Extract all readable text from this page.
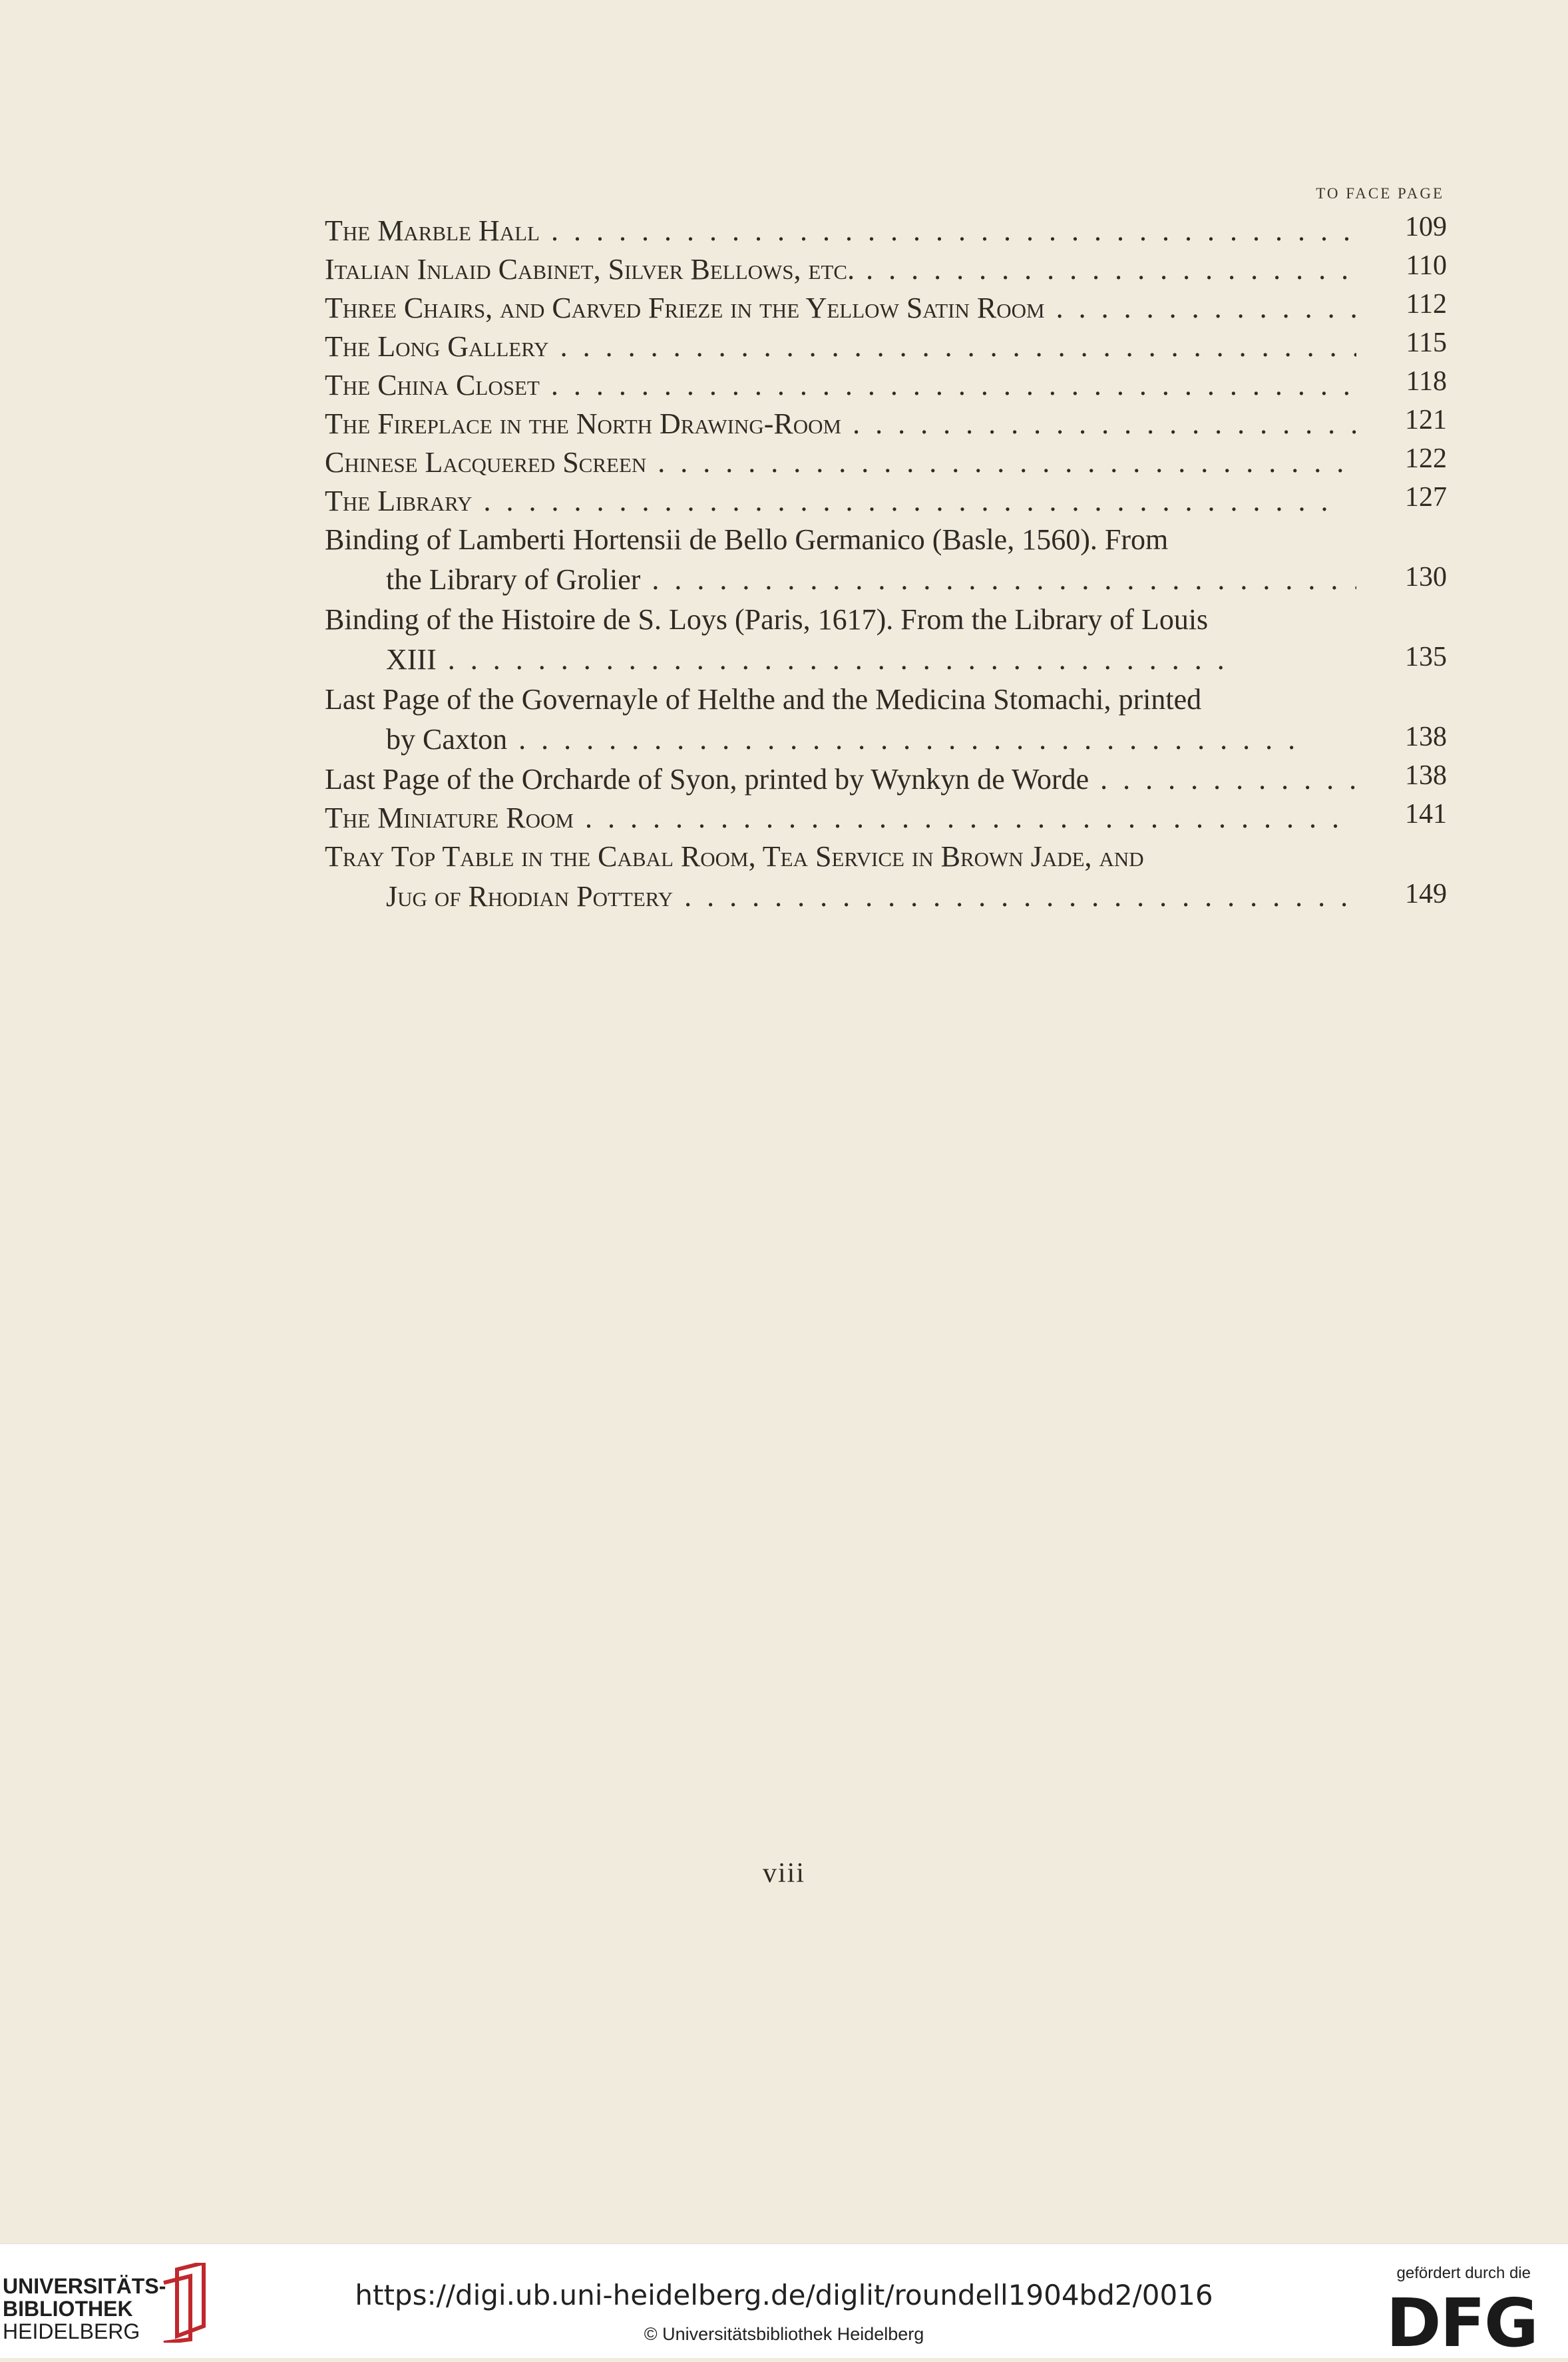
TO FACE PAGE
The Marble Hall . .	109
Italian Inlaid Cabinet, Silver Bellows, etc. . .	110
Three Chairs, and Carved Frieze in the Yellow Satin Room . .	112
The Long Gallery . .	115
The China Closet . .	118
The Fireplace in the North Drawing-Room . .	121
Chinese Lacquered Screen . .	122
The Library . .	127
Binding of Lamberti Hortensii de Bello Germanico (Basle, 1560). From
the Library of Grolier . .	130
Binding of the Histoire de S. Loys (Paris, 1617). From the Library of Louis
XIII . .	135
Last Page of the Governayle of Helthe and the Medicina Stomachi, printed
by Caxton . .	138
Last Page of the Orcharde of Syon, printed by Wynkyn de Worde . .	138
The Miniature Room . .	141
Tray Top Table in the Cabal Room, Tea Service in Brown Jade, and
Jug of Rhodian Pottery . .	149
viii
UNIVERSITÄTS-
BIBLIOTHEK
HEIDELBERG
https://digi.ub.uni-heidelberg.de/diglit/roundell1904bd2/0016
© Universitätsbibliothek Heidelberg
gefördert durch die
DFG
